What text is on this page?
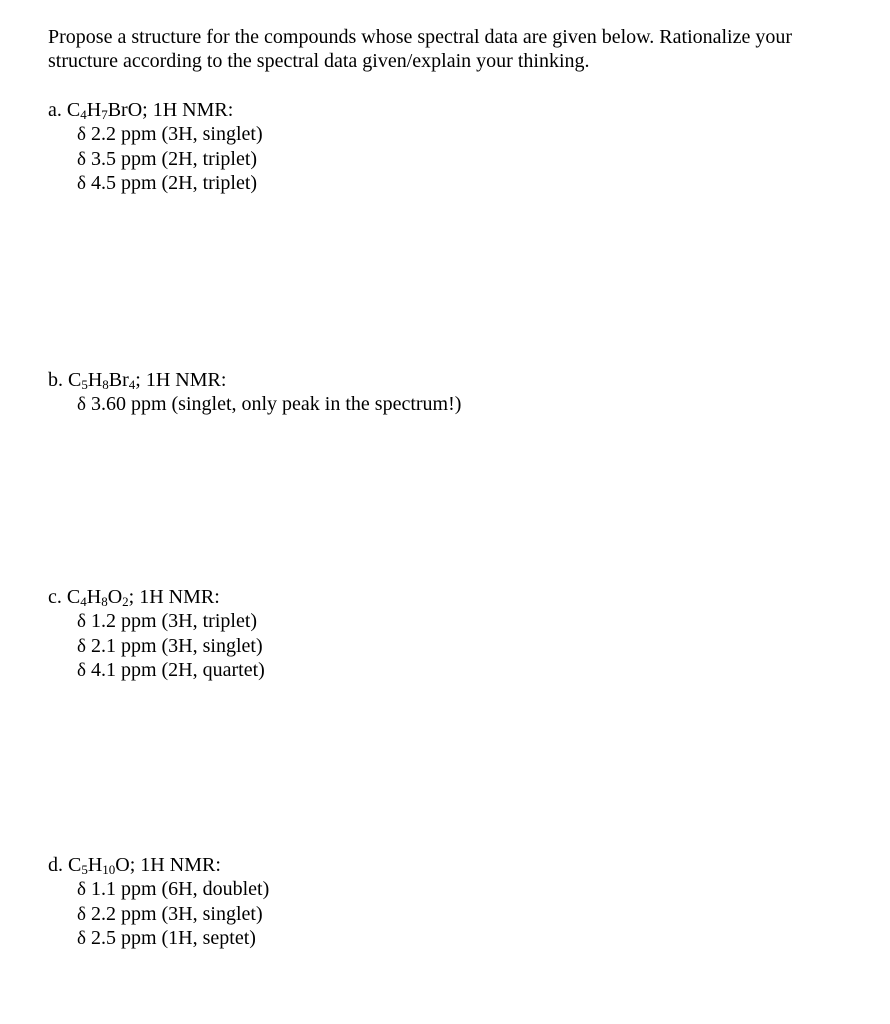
Propose a structure for the compounds whose spectral data are given below. Rationalize your

structure according to the spectral data given/explain your thinking.

a. $C_4H_7BrO$; 1H NMR:
δ 2.2 ppm (3H, singlet)
δ 3.5 ppm (2H, triplet)
δ 4.5 ppm (2H, triplet)
b. $C_5H_8Br_4$; 1H NMR:
δ 3.60 ppm (singlet, only peak in the spectrum!)
c. $C_4H_8O_2$; 1H NMR:
δ 1.2 ppm (3H, triplet)
δ 2.1 ppm (3H, singlet)
δ 4.1 ppm (2H, quartet)
d. $C_5H_{10}O$; 1H NMR:
δ 1.1 ppm (6H, doublet)
δ 2.2 ppm (3H, singlet)
δ 2.5 ppm (1H, septet)
